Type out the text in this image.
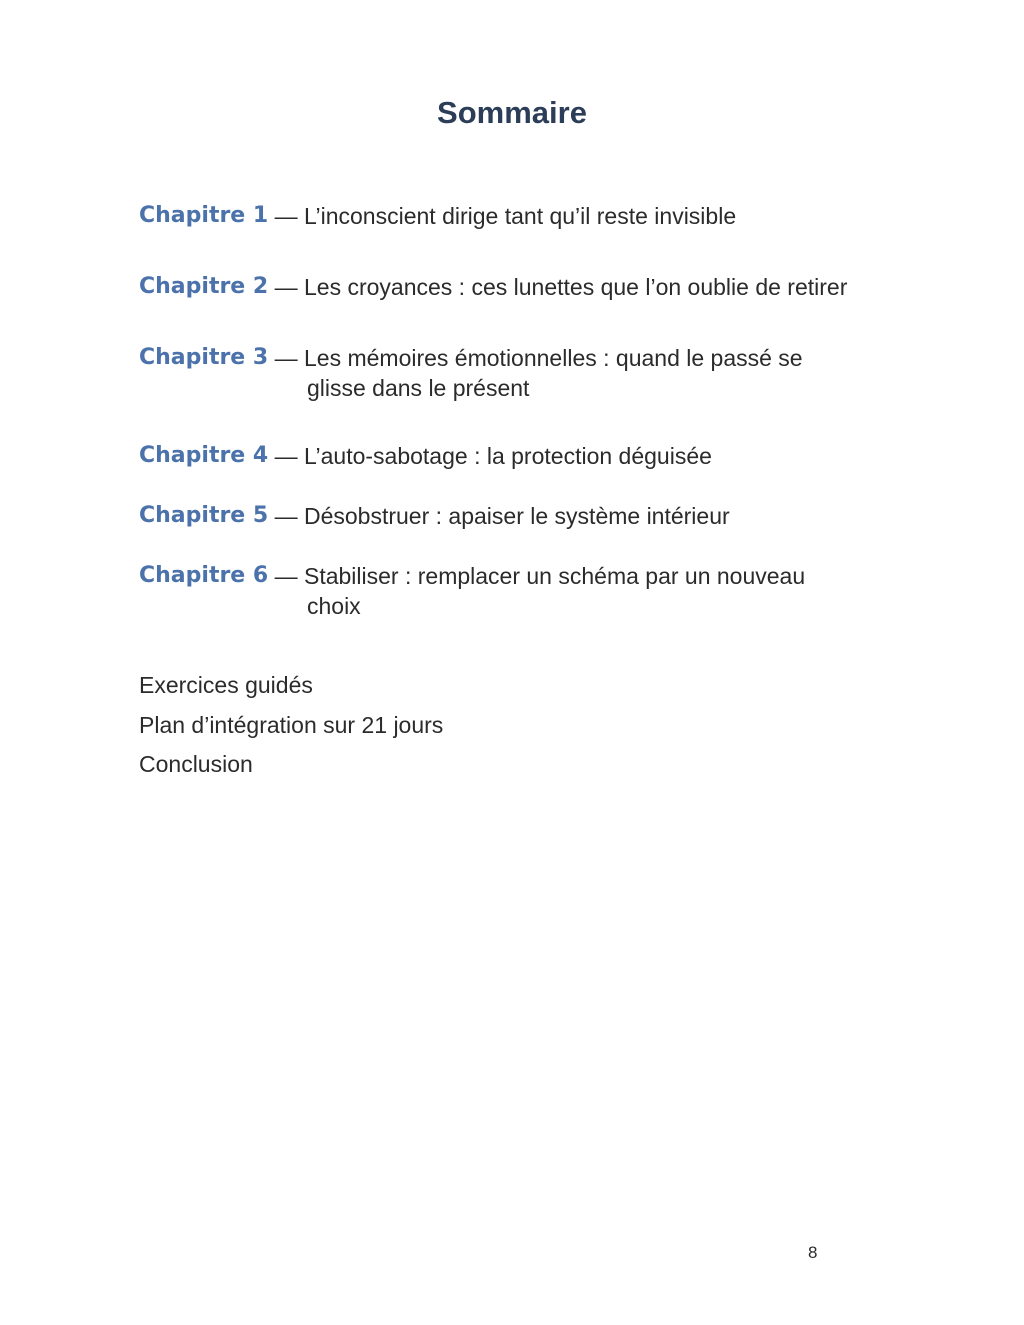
Sommaire
Chapitre 1 — L’inconscient dirige tant qu’il reste invisible
Chapitre 2 — Les croyances : ces lunettes que l’on oublie de retirer
Chapitre 3 — Les mémoires émotionnelles : quand le passé se
glisse dans le présent
Chapitre 4 — L’auto-sabotage : la protection déguisée
Chapitre 5 — Désobstruer : apaiser le système intérieur
Chapitre 6 — Stabiliser : remplacer un schéma par un nouveau
choix
Exercices guidés
Plan d’intégration sur 21 jours
Conclusion
8
